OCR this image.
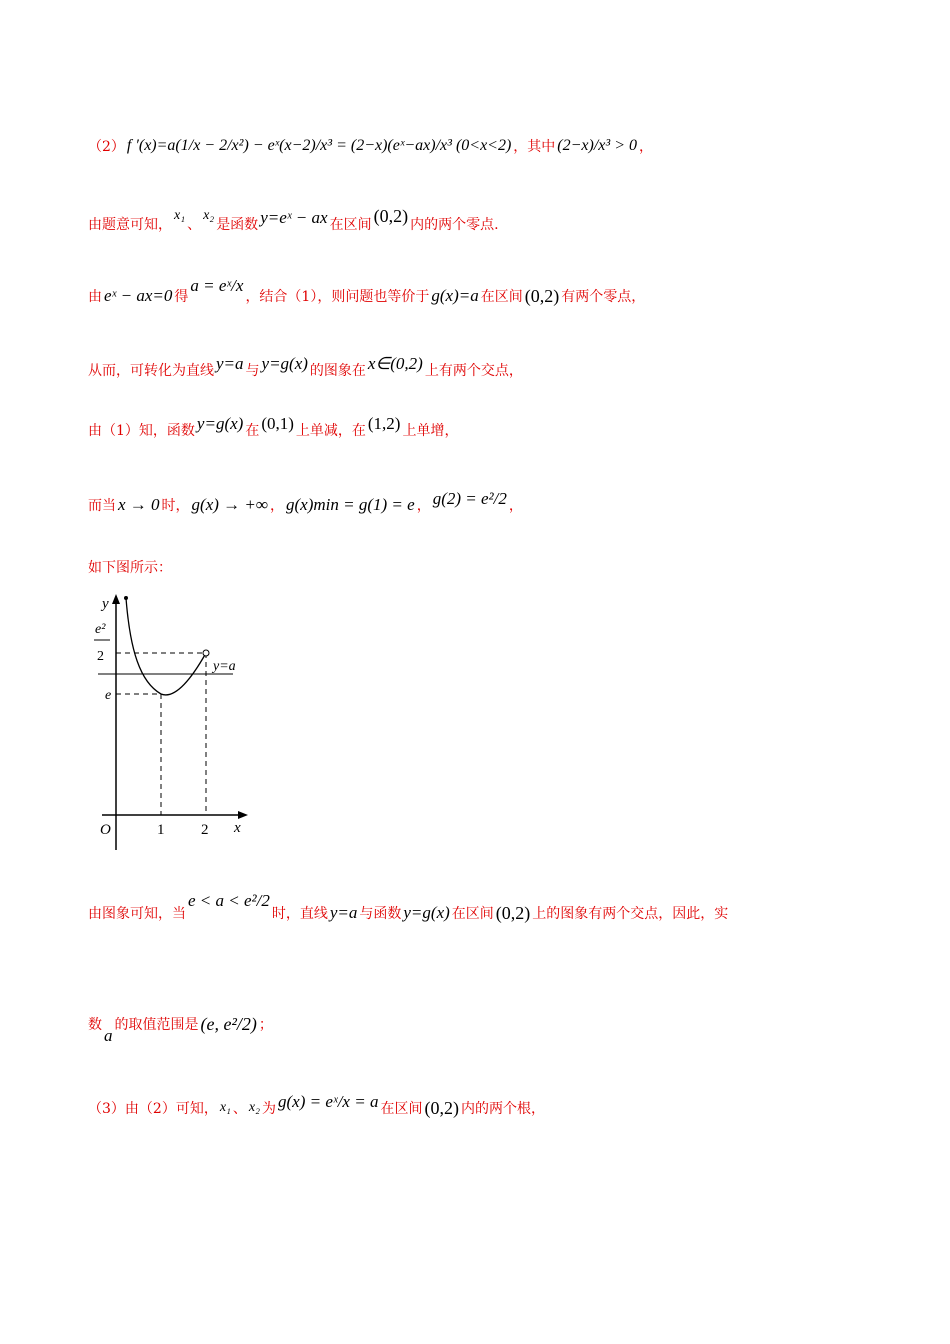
（2） f ′(x)=a(1/x − 2/x²) − eˣ(x−2)/x³ = (2−x)(eˣ−ax)/x³ (0<x<2) ，其中 (2−x)/x³ > 0 ，
由题意可知，
x₁
、
x₂
是函数 y=eˣ − ax 在区间 (0,2) 内的两个零点.
由 eˣ − ax=0 得
a = eˣ/x
，结合（1），则问题也等价于 g(x)=a 在区间 (0,2) 有两个零点，
从而，可转化为直线 y=a 与 y=g(x) 的图象在 x∈(0,2) 上有两个交点，
由（1）知，函数 y=g(x) 在 (0,1) 上单减，在 (1,2) 上单增，
而当 x → 0 时， g(x) → +∞ ， g(x)min = g(1) = e ， g(2) = e²/2 ，
如下图所示：
y
x
O	1 2
e
e²
2
y=a
由图象可知，当
e < a < e²/2
时，直线 y=a 与函数 y=g(x) 在区间 (0,2) 上的图象有两个交点，因此，实
数
a
的取值范围是 (e, e²/2) ；
（3）由（2）可知， x₁ 、 x₂ 为 g(x) = eˣ/x = a 在区间 (0,2) 内的两个根，
